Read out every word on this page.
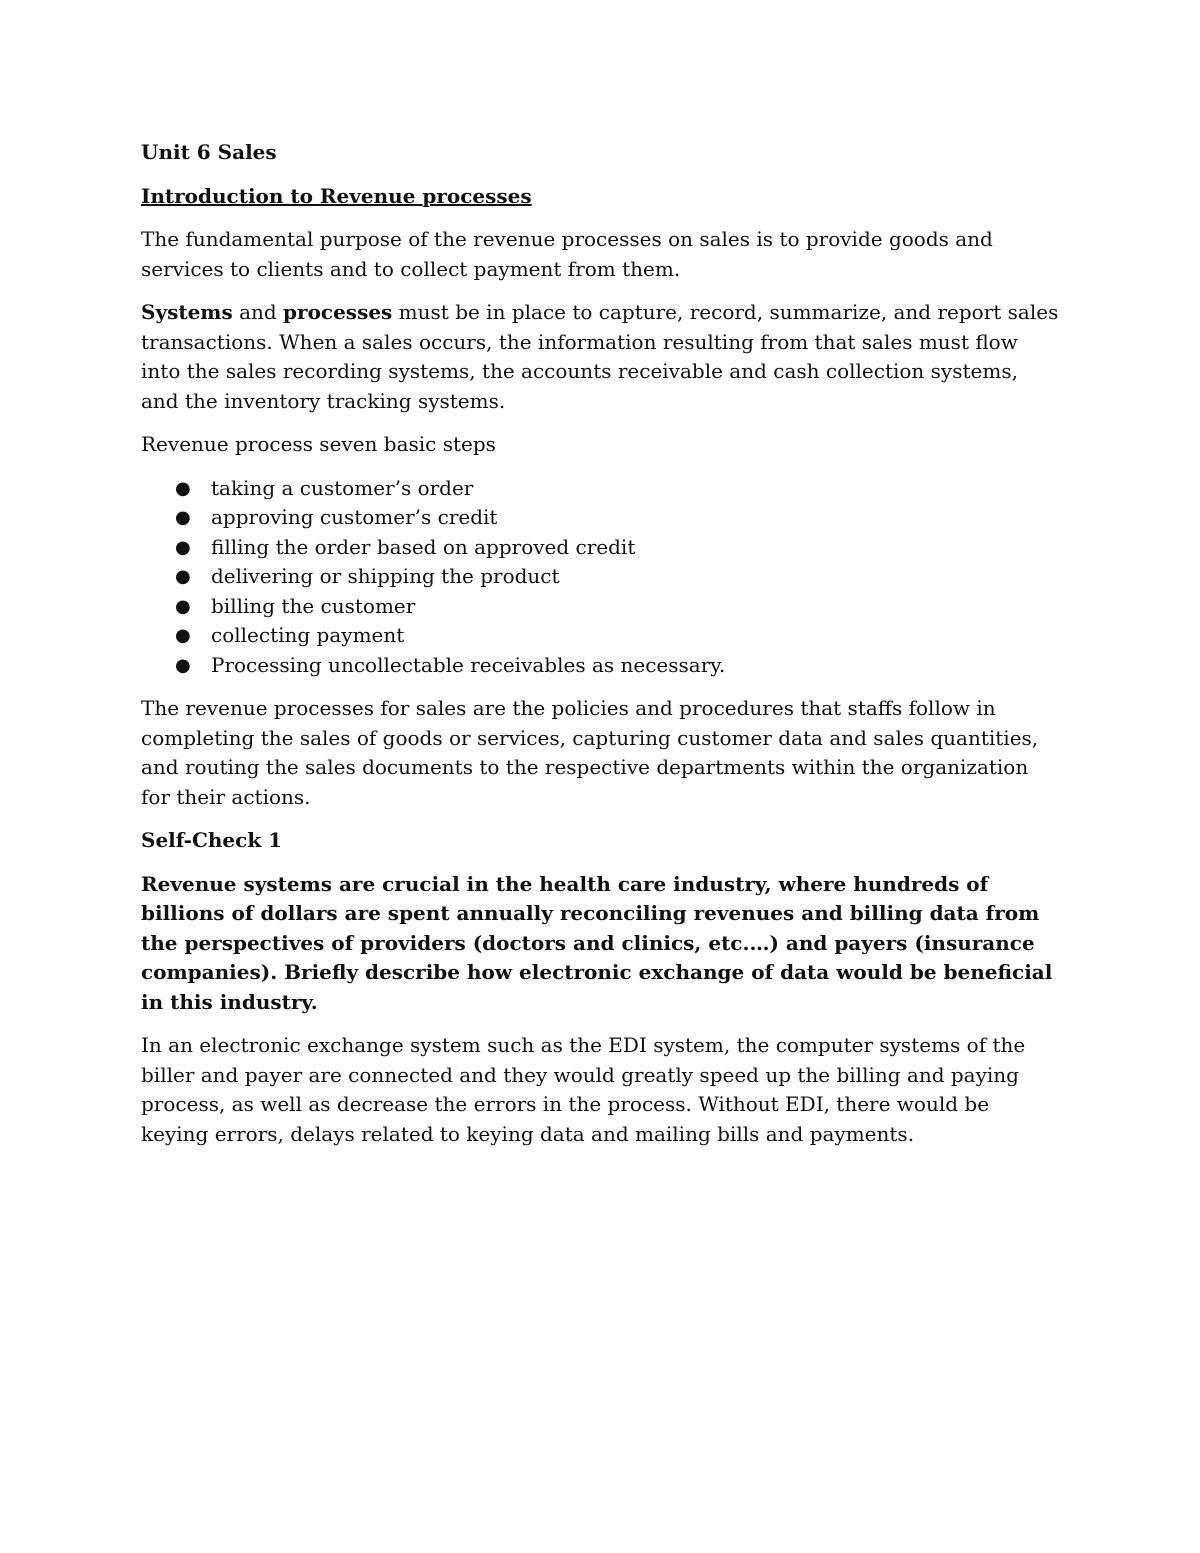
Unit 6 Sales

Introduction to Revenue processes

The fundamental purpose of the revenue processes on sales is to provide goods and services to clients and to collect payment from them.

Systems and processes must be in place to capture, record, summarize, and report sales transactions. When a sales occurs, the information resulting from that sales must flow into the sales recording systems, the accounts receivable and cash collection systems, and the inventory tracking systems.

Revenue process seven basic steps

● taking a customer’s order
● approving customer’s credit
● filling the order based on approved credit
● delivering or shipping the product
● billing the customer
● collecting payment
● Processing uncollectable receivables as necessary.

The revenue processes for sales are the policies and procedures that staffs follow in completing the sales of goods or services, capturing customer data and sales quantities, and routing the sales documents to the respective departments within the organization for their actions.

Self-Check 1

Revenue systems are crucial in the health care industry, where hundreds of billions of dollars are spent annually reconciling revenues and billing data from the perspectives of providers (doctors and clinics, etc.…) and payers (insurance companies). Briefly describe how electronic exchange of data would be beneficial in this industry.

In an electronic exchange system such as the EDI system, the computer systems of the biller and payer are connected and they would greatly speed up the billing and paying process, as well as decrease the errors in the process. Without EDI, there would be keying errors, delays related to keying data and mailing bills and payments.
